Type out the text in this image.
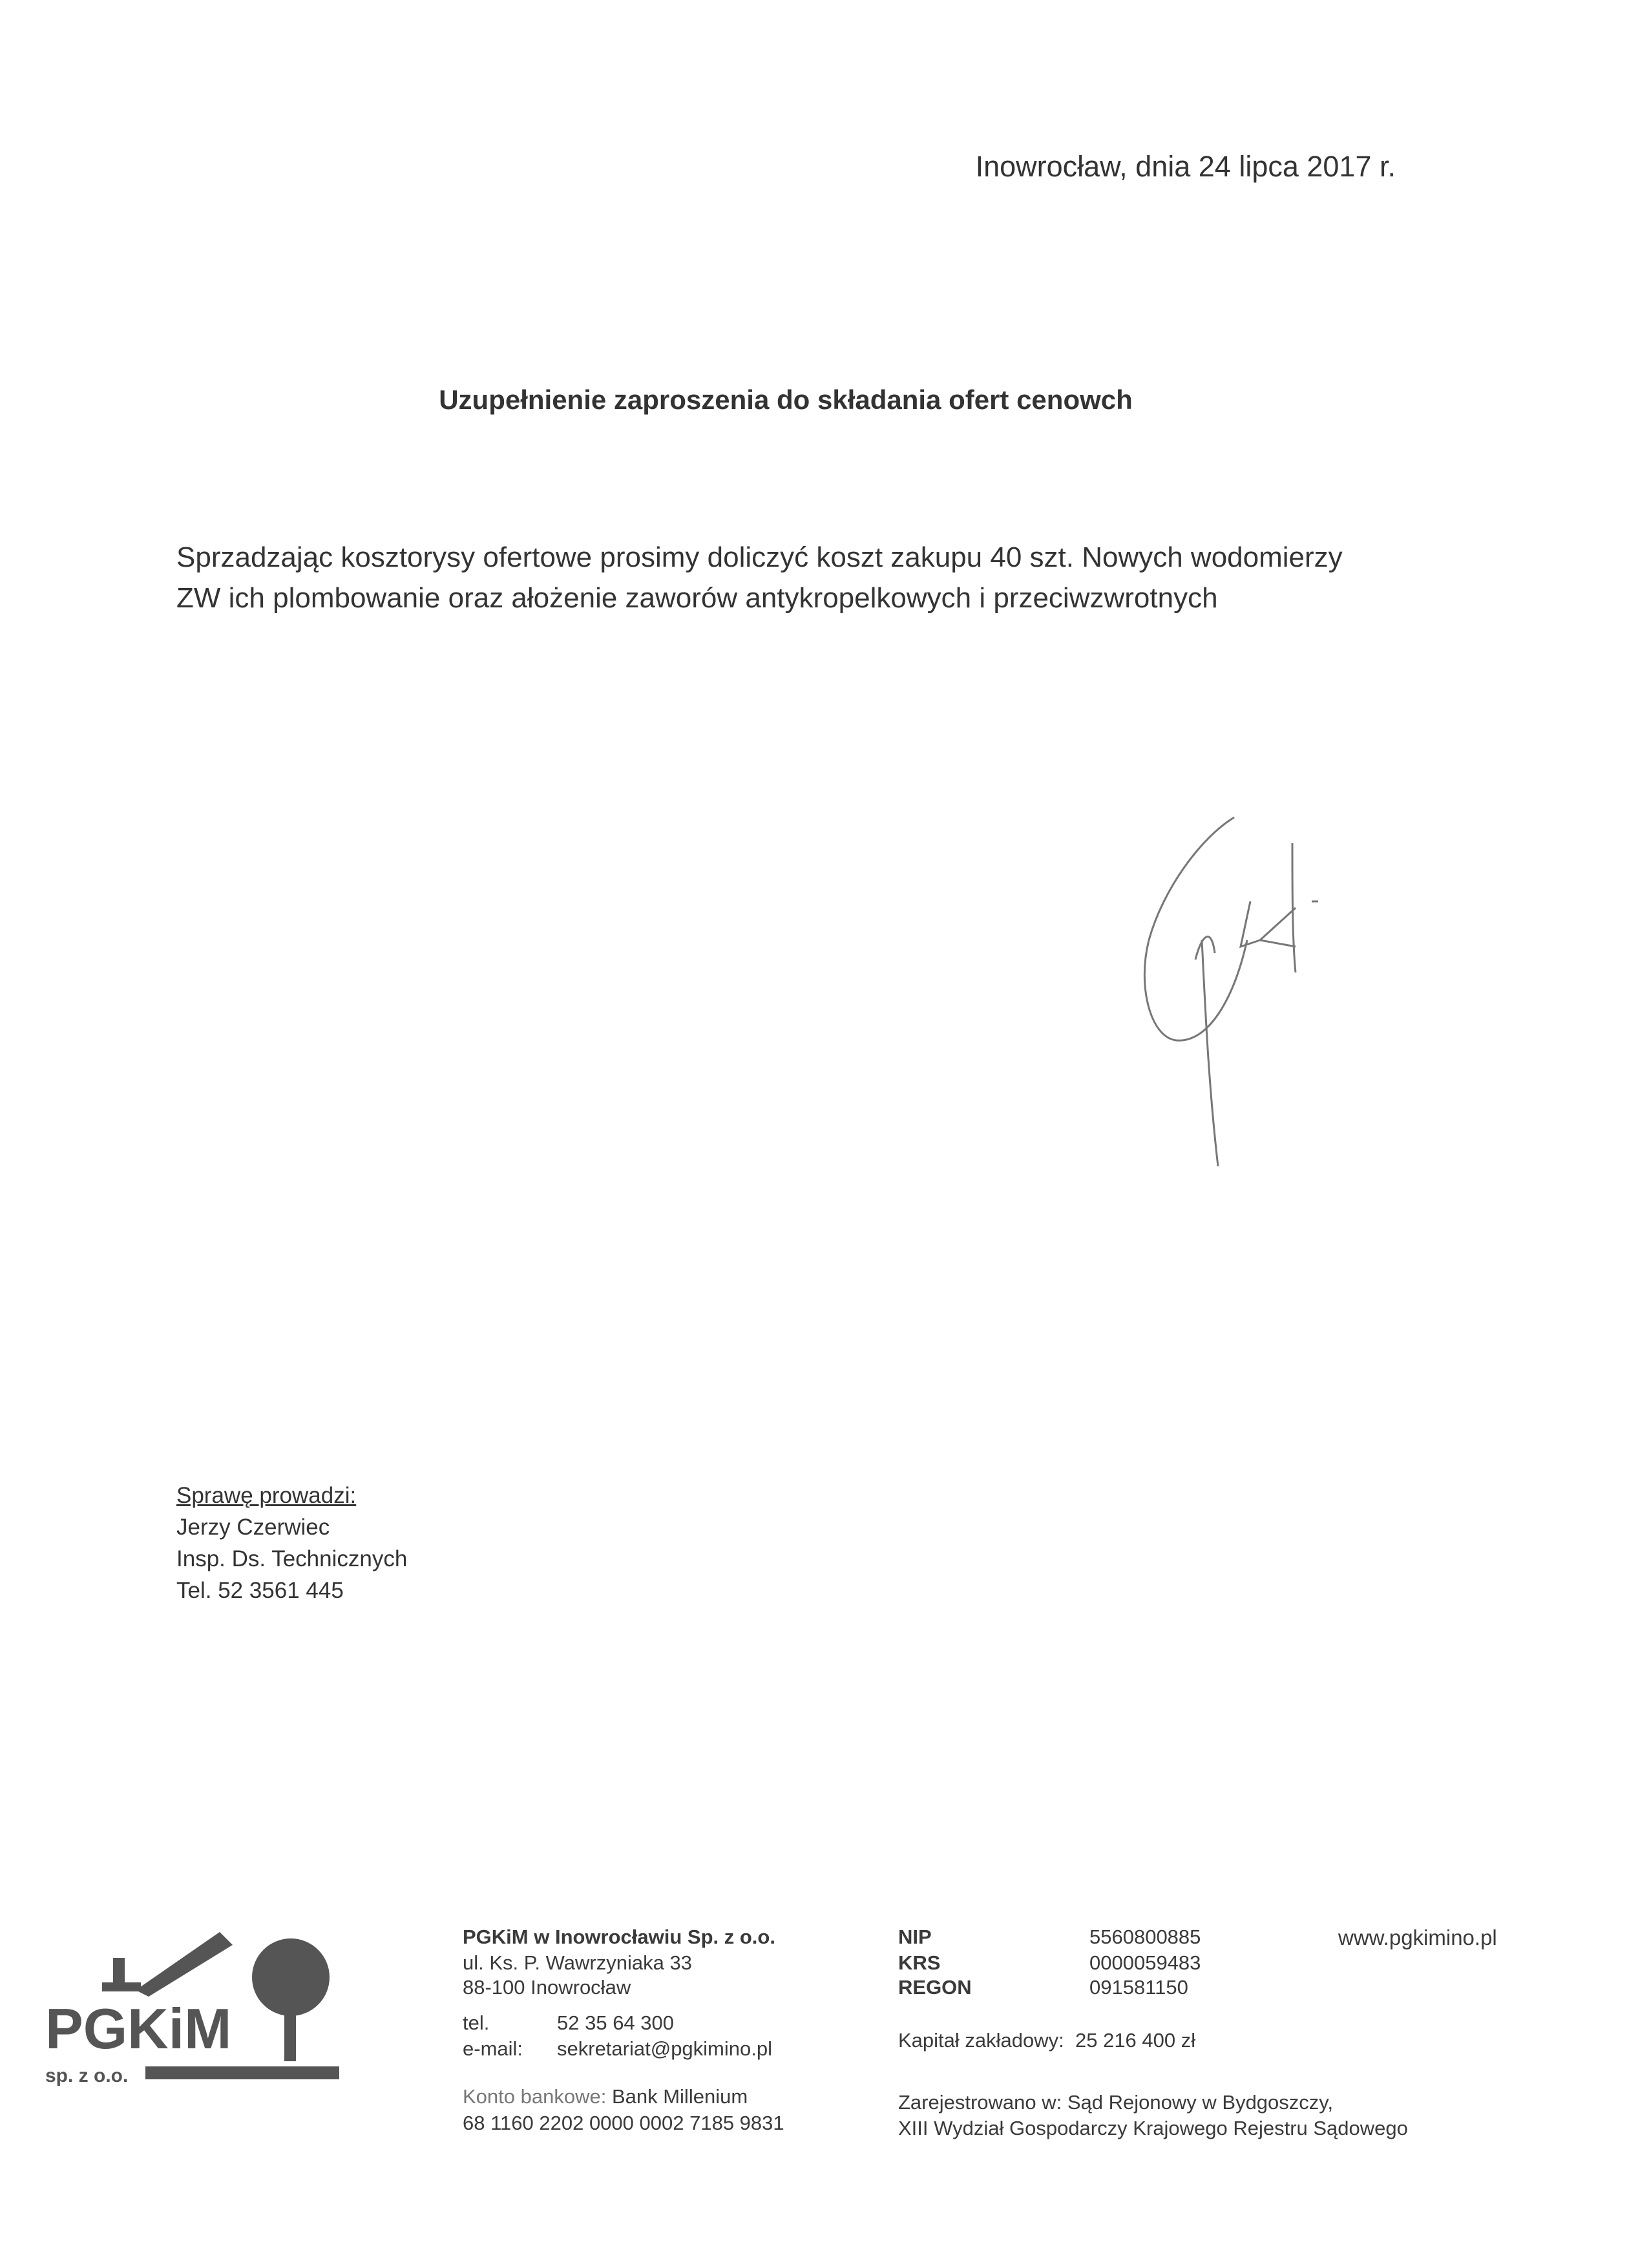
Inowrocław, dnia 24 lipca 2017 r.
Uzupełnienie zaproszenia do składania ofert cenowch
Sprzadzając kosztorysy ofertowe prosimy doliczyć koszt zakupu 40 szt. Nowych wodomierzy
ZW ich plombowanie oraz ałożenie zaworów antykropelkowych i przeciwzwrotnych
Sprawę prowadzi:
Jerzy Czerwiec
Insp. Ds. Technicznych
Tel. 52 3561 445
PGKiM
sp. z o.o.
PGKiM w Inowrocławiu Sp. z o.o.
ul. Ks. P. Wawrzyniaka 33
88-100 Inowrocław
tel.	52 35 64 300
e-mail: sekretariat@pgkimino.pl
Konto bankowe: Bank Millenium
68 1160 2202 0000 0002 7185 9831
NIP	5560800885
KRS	0000059483
REGON	091581150
Kapitał zakładowy: 25 216 400 zł
Zarejestrowano w: Sąd Rejonowy w Bydgoszczy,
XIII Wydział Gospodarczy Krajowego Rejestru Sądowego
www.pgkimino.pl
